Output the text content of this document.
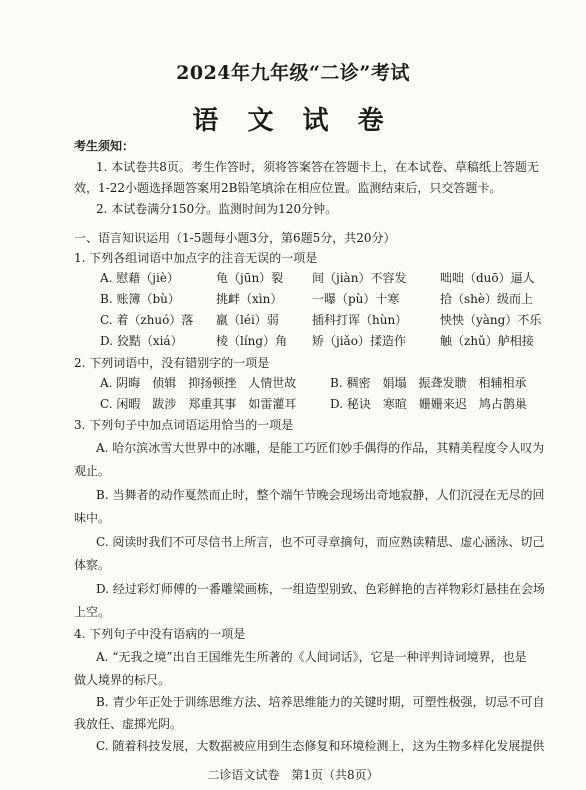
2024年九年级“二诊”考试
语 文 试 卷
考生须知：
1. 本试卷共8页。考生作答时，须将答案答在答题卡上，在本试卷、草稿纸上答题无
效，1-22小题选择题答案用2B铅笔填涂在相应位置。监测结束后，只交答题卡。
2. 本试卷满分150分。监测时间为120分钟。
一、语言知识运用（1-5题每小题3分，第6题5分，共20分）
1. 下列各组词语中加点字的注音无误的一项是
A. 慰藉（jiè）	龟（jūn）裂 间（jiàn）不容发	咄咄（duō）逼人
B. 账簿（bù）	挑衅（xìn） 一曝（pù）十寒	拾（shè）级而上
C. 着（zhuó）落 羸（léi）弱	插科打诨（hùn）	怏怏（yàng）不乐
D. 狡黠（xiá）	棱（líng）角 矫（jiǎo）揉造作	触（zhǔ）舻相接
2. 下列词语中，没有错别字的一项是
A. 阴晦　侦辑　抑扬顿挫　人情世故	B. 稠密　娟塌　振聋发聩　相辅相承
C. 闲暇　跋涉　郑重其事　如雷灌耳	D. 秘诀　寒暄　姗姗来迟　鸠占鹊巢
3. 下列句子中加点词语运用恰当的一项是
A. 哈尔滨冰雪大世界中的冰雕，是能工巧匠们妙手偶得的作品，其精美程度令人叹为
观止。
B. 当舞者的动作戛然而止时，整个端午节晚会现场出奇地寂静，人们沉浸在无尽的回
味中。
C. 阅读时我们不可尽信书上所言，也不可寻章摘句，而应熟读精思、虚心涵泳、切己
体察。
D. 经过彩灯师傅的一番雕梁画栋，一组造型别致、色彩鲜艳的吉祥物彩灯悬挂在会场
上空。
4. 下列句子中没有语病的一项是
A. “无我之境”出自王国维先生所著的《人间词话》，它是一种评判诗词境界，也是
做人境界的标尺。
B. 青少年正处于训练思维方法、培养思维能力的关键时期，可塑性极强，切忌不可自
我放任、虚掷光阴。
C. 随着科技发展，大数据被应用到生态修复和环境检测上，这为生物多样化发展提供
二诊语文试卷　第1页（共8页）
